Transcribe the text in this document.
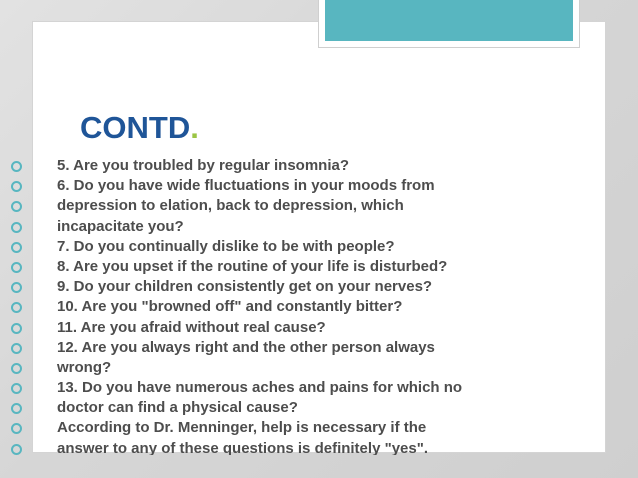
CONTD.
5. Are you troubled by regular insomnia?
6. Do you have wide fluctuations in your moods from
depression to elation, back to depression, which
incapacitate you?
7. Do you continually dislike to be with people?
8. Are you upset if the routine of your life is disturbed?
9. Do your children consistently get on your nerves?
10. Are you "browned off" and constantly bitter?
11. Are you afraid without real cause?
12. Are you always right and the other person always
wrong?
13. Do you have numerous aches and pains for which no
doctor can find a physical cause?
According to Dr. Menninger, help is necessary if the
answer to any of these questions is definitely "yes".
